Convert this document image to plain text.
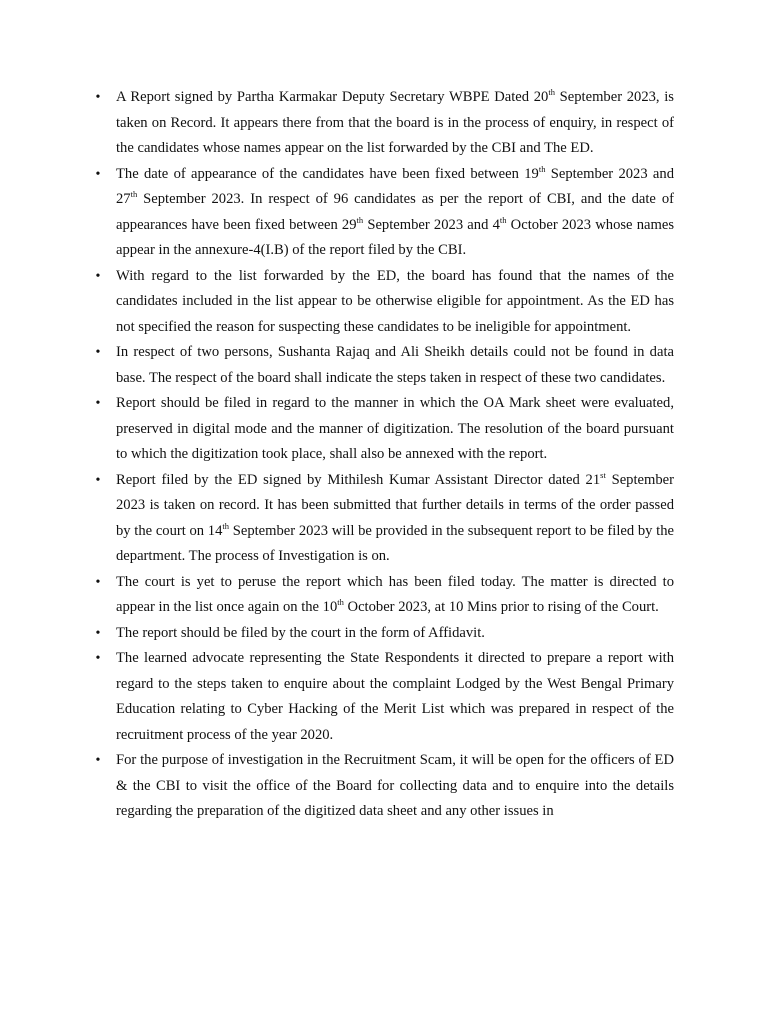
• A Report signed by Partha Karmakar Deputy Secretary WBPE Dated 20th September 2023, is taken on Record. It appears there from that the board is in the process of enquiry, in respect of the candidates whose names appear on the list forwarded by the CBI and The ED.
• The date of appearance of the candidates have been fixed between 19th September 2023 and 27th September 2023. In respect of 96 candidates as per the report of CBI, and the date of appearances have been fixed between 29th September 2023 and 4th October 2023 whose names appear in the annexure-4(I.B) of the report filed by the CBI.
• With regard to the list forwarded by the ED, the board has found that the names of the candidates included in the list appear to be otherwise eligible for appointment. As the ED has not specified the reason for suspecting these candidates to be ineligible for appointment.
• In respect of two persons, Sushanta Rajaq and Ali Sheikh details could not be found in data base. The respect of the board shall indicate the steps taken in respect of these two candidates.
• Report should be filed in regard to the manner in which the OA Mark sheet were evaluated, preserved in digital mode and the manner of digitization. The resolution of the board pursuant to which the digitization took place, shall also be annexed with the report.
• Report filed by the ED signed by Mithilesh Kumar Assistant Director dated 21st September 2023 is taken on record. It has been submitted that further details in terms of the order passed by the court on 14th September 2023 will be provided in the subsequent report to be filed by the department. The process of Investigation is on.
• The court is yet to peruse the report which has been filed today. The matter is directed to appear in the list once again on the 10th October 2023, at 10 Mins prior to rising of the Court.
• The report should be filed by the court in the form of Affidavit.
• The learned advocate representing the State Respondents it directed to prepare a report with regard to the steps taken to enquire about the complaint Lodged by the West Bengal Primary Education relating to Cyber Hacking of the Merit List which was prepared in respect of the recruitment process of the year 2020.
• For the purpose of investigation in the Recruitment Scam, it will be open for the officers of ED & the CBI to visit the office of the Board for collecting data and to enquire into the details regarding the preparation of the digitized data sheet and any other issues in
